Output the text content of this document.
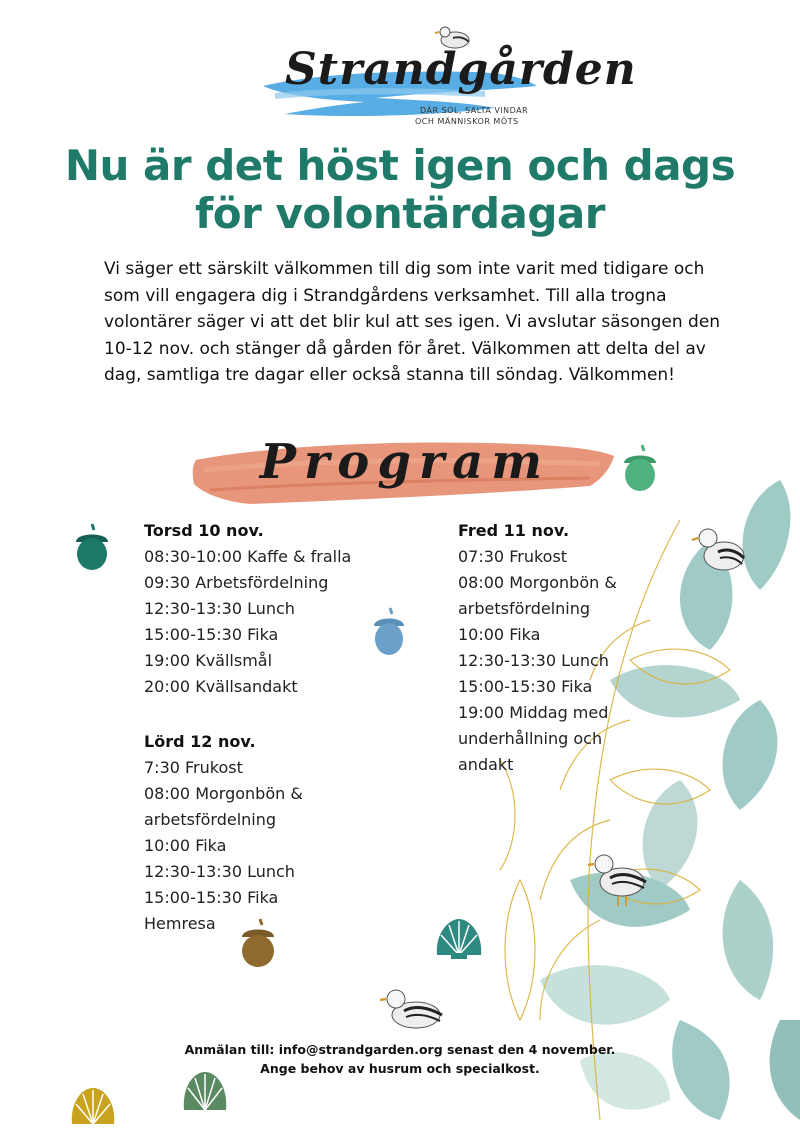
Strandgården
DÄR SOL, SALTA VINDAR
OCH MÄNNISKOR MÖTS
Nu är det höst igen och dags för volontärdagar

Vi säger ett särskilt välkommen till dig som inte varit med tidigare och som vill engagera dig i Strandgårdens verksamhet. Till alla trogna volontärer säger vi att det blir kul att ses igen. Vi avslutar säsongen den 10-12 nov. och stänger då gården för året. Välkommen att delta del av dag, samtliga tre dagar eller också stanna till söndag. Välkommen!

Program
Torsd 10 nov.
08:30-10:00 Kaffe & fralla
09:30 Arbetsfördelning
12:30-13:30 Lunch
15:00-15:30 Fika
19:00 Kvällsmål
20:00 Kvällsandakt
Lörd 12 nov.
7:30 Frukost
08:00 Morgonbön &
arbetsfördelning
10:00 Fika
12:30-13:30 Lunch
15:00-15:30 Fika
Hemresa
Fred 11 nov.
07:30 Frukost
08:00 Morgonbön &
arbetsfördelning
10:00 Fika
12:30-13:30 Lunch
15:00-15:30 Fika
19:00 Middag med
underhållning och
andakt
Anmälan till: info@strandgarden.org senast den 4 november.
Ange behov av husrum och specialkost.
